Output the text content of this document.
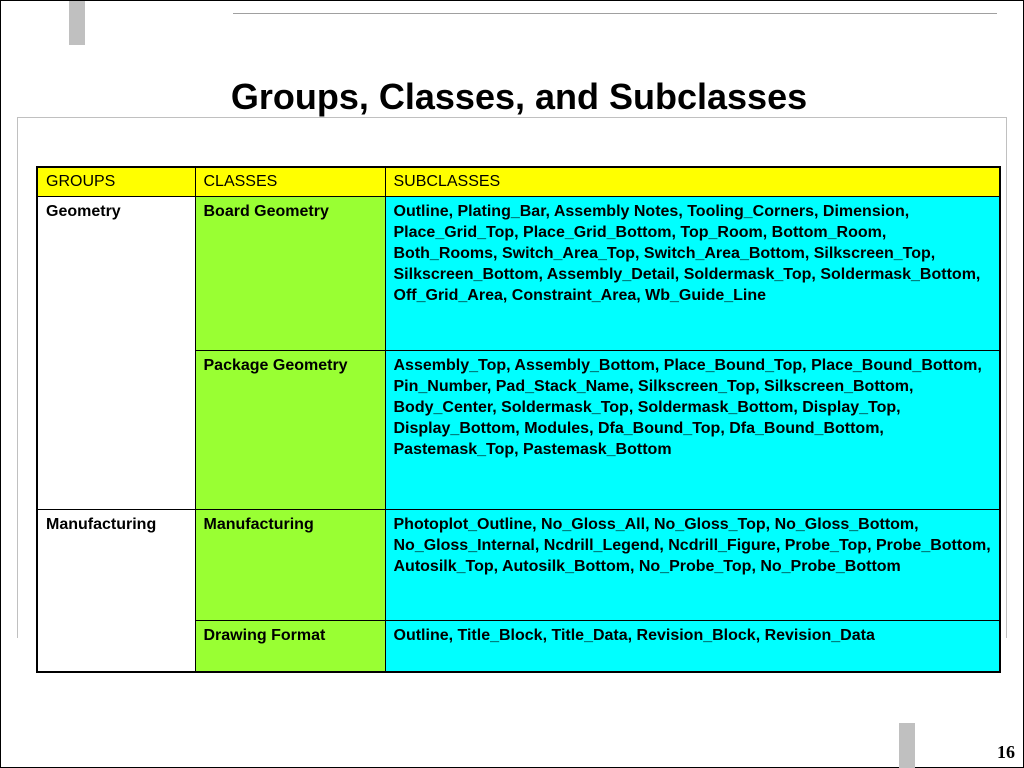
Groups, Classes, and Subclasses
GROUPS	CLASSES	SUBCLASSES
Geometry	Board Geometry	Outline, Plating_Bar, Assembly Notes, Tooling_Corners, Dimension, Place_Grid_Top, Place_Grid_Bottom, Top_Room, Bottom_Room, Both_Rooms, Switch_Area_Top, Switch_Area_Bottom, Silkscreen_Top, Silkscreen_Bottom, Assembly_Detail, Soldermask_Top, Soldermask_Bottom, Off_Grid_Area, Constraint_Area, Wb_Guide_Line
	Package Geometry	Assembly_Top, Assembly_Bottom, Place_Bound_Top, Place_Bound_Bottom, Pin_Number, Pad_Stack_Name, Silkscreen_Top, Silkscreen_Bottom, Body_Center, Soldermask_Top, Soldermask_Bottom, Display_Top, Display_Bottom, Modules, Dfa_Bound_Top, Dfa_Bound_Bottom, Pastemask_Top, Pastemask_Bottom
Manufacturing	Manufacturing	Photoplot_Outline, No_Gloss_All, No_Gloss_Top, No_Gloss_Bottom, No_Gloss_Internal, Ncdrill_Legend, Ncdrill_Figure, Probe_Top, Probe_Bottom, Autosilk_Top, Autosilk_Bottom, No_Probe_Top, No_Probe_Bottom
	Drawing Format	Outline, Title_Block, Title_Data, Revision_Block, Revision_Data
16
